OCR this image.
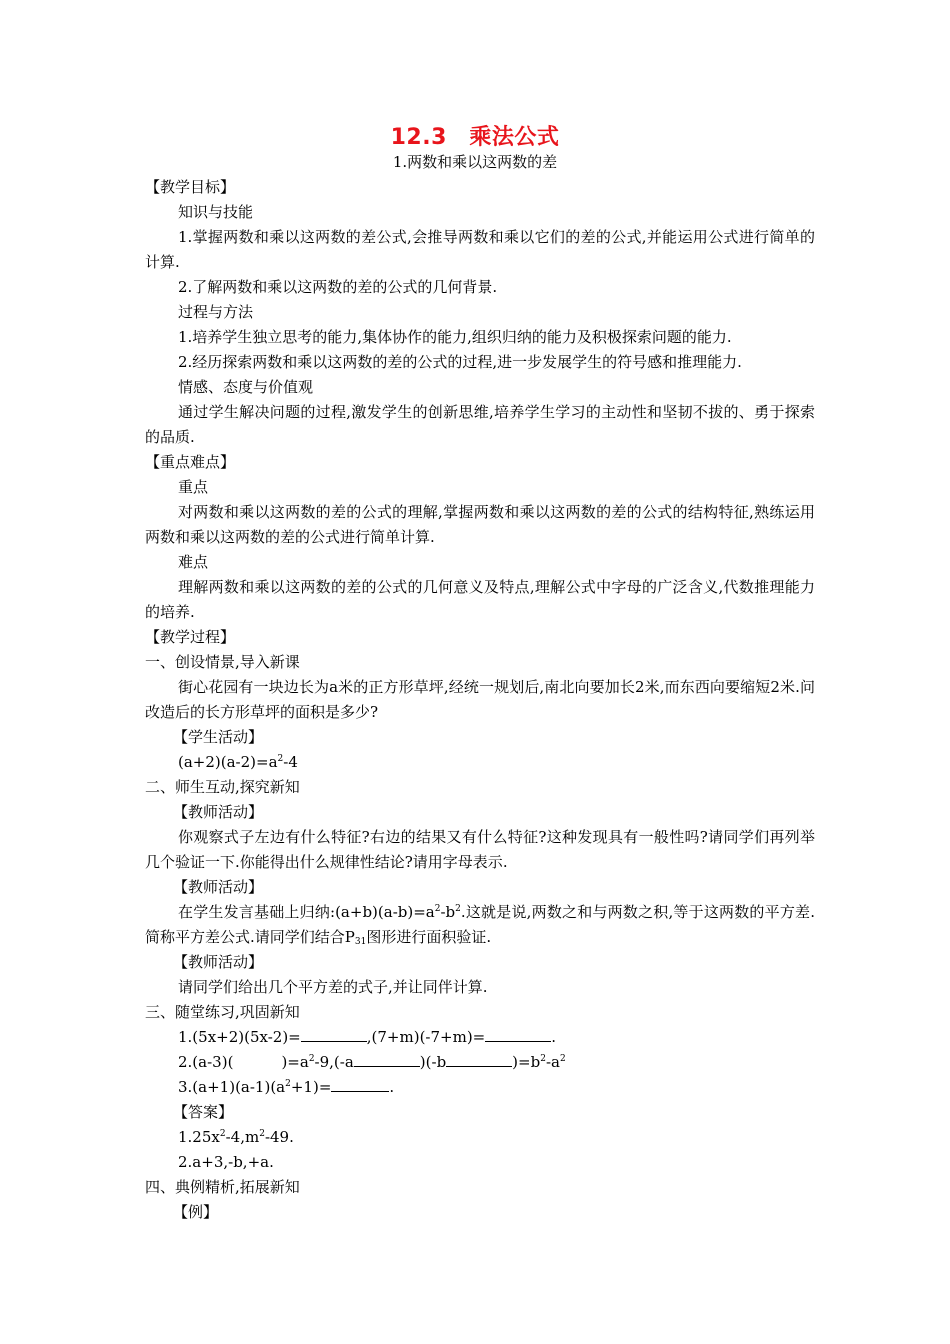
12.3　乘法公式
1.两数和乘以这两数的差
【教学目标】
知识与技能
1.掌握两数和乘以这两数的差公式,会推导两数和乘以它们的差的公式,并能运用公式进行简单的计算.
2.了解两数和乘以这两数的差的公式的几何背景.
过程与方法
1.培养学生独立思考的能力,集体协作的能力,组织归纳的能力及积极探索问题的能力.
2.经历探索两数和乘以这两数的差的公式的过程,进一步发展学生的符号感和推理能力.
情感、态度与价值观
通过学生解决问题的过程,激发学生的创新思维,培养学生学习的主动性和坚韧不拔的、勇于探索的品质.
【重点难点】
重点
对两数和乘以这两数的差的公式的理解,掌握两数和乘以这两数的差的公式的结构特征,熟练运用两数和乘以这两数的差的公式进行简单计算.
难点
理解两数和乘以这两数的差的公式的几何意义及特点,理解公式中字母的广泛含义,代数推理能力的培养.
【教学过程】
一、创设情景,导入新课
街心花园有一块边长为a米的正方形草坪,经统一规划后,南北向要加长2米,而东西向要缩短2米.问改造后的长方形草坪的面积是多少?
【学生活动】
$(a+2)(a-2)=a^2-4$
二、师生互动,探究新知
【教师活动】
你观察式子左边有什么特征?右边的结果又有什么特征?这种发现具有一般性吗?请同学们再列举几个验证一下.你能得出什么规律性结论?请用字母表示.
【教师活动】
在学生发言基础上归纳$:(a+b)(a-b)=a^2-b^2$.这就是说,两数之和与两数之积,等于这两数的平方差.简称平方差公式.请同学们结合$P_{31}$图形进行面积验证.
【教师活动】
请同学们给出几个平方差的式子,并让同伴计算.
三、随堂练习,巩固新知
1.(5x+2)(5x-2)=	,(7+m)(-7+m)=	.
2.(a-3)(	)$=a^2-9,(-a$	)(-b	)$=b^2-a^2$
$3.(a+1)(a-1)(a^2+1)=$	.
【答案】
$1.25x^2-4,m^2-49$.
2.a+3,-b,+a.
四、典例精析,拓展新知
【例】
